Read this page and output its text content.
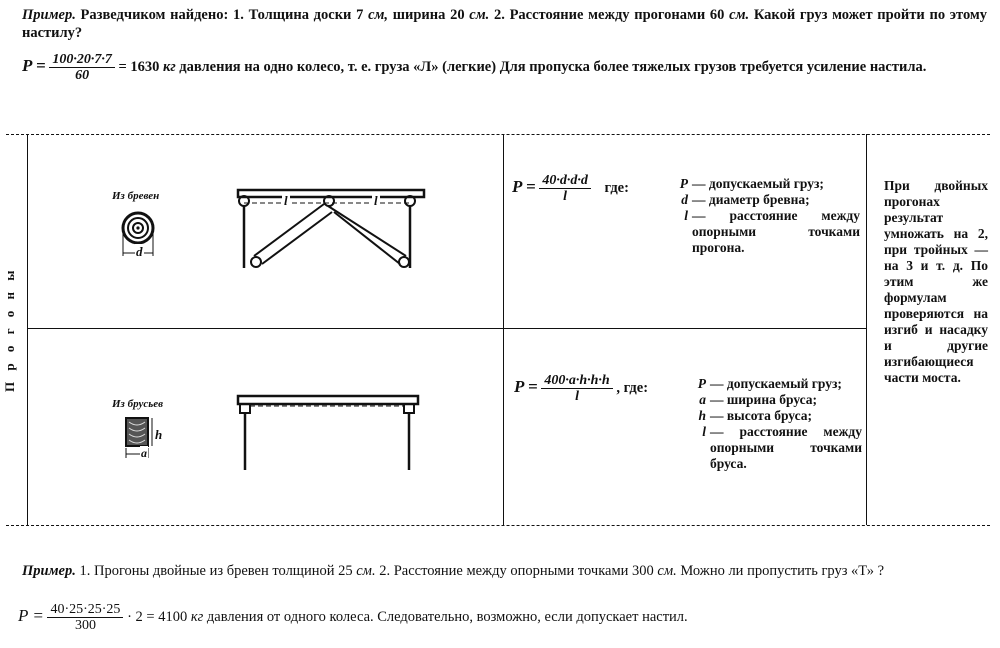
Пример. Разведчиком найдено: 1. Толщина доски 7 см, ширина 20 см. 2. Расстояние между прогонами 60 см. Какой груз может пройти по этому настилу?
$P = \frac{100\cdot 20\cdot 7\cdot 7}{60} = 1630$ кг давления на одно колесо, т. е. груза «Л» (легкие) Для пропуска более тяжелых грузов требуется усиление настила.
П р о г о н ы
Из бревен
d
l	l
$P = \frac{40\cdot d\cdot d\cdot d}{l}$ где:	P — допускаемый груз;
d — диаметр бревна;
l — расстояние между опорными точками прогона.
Из брусьев
h
a
$P = \frac{400\cdot a\cdot h\cdot h\cdot h}{l}$ , где:	P — допускаемый груз;
a — ширина бруса;
h — высота бруса;
l — расстояние между опорными точками бруса.
При двойных прогонах результат умножать на 2, при тройных — на 3 и т. д. По этим же формулам проверяются на изгиб и насадку и другие изгибающиеся части моста.
Пример. 1. Прогоны двойные из бревен толщиной 25 см. 2. Расстояние между опорными точками 300 см. Можно ли пропустить груз «Т» ?
$P = \frac{40\cdot 25\cdot 25\cdot 25}{300} \cdot 2 = 4100$ кг давления от одного колеса. Следовательно, возможно, если допускает настил.
